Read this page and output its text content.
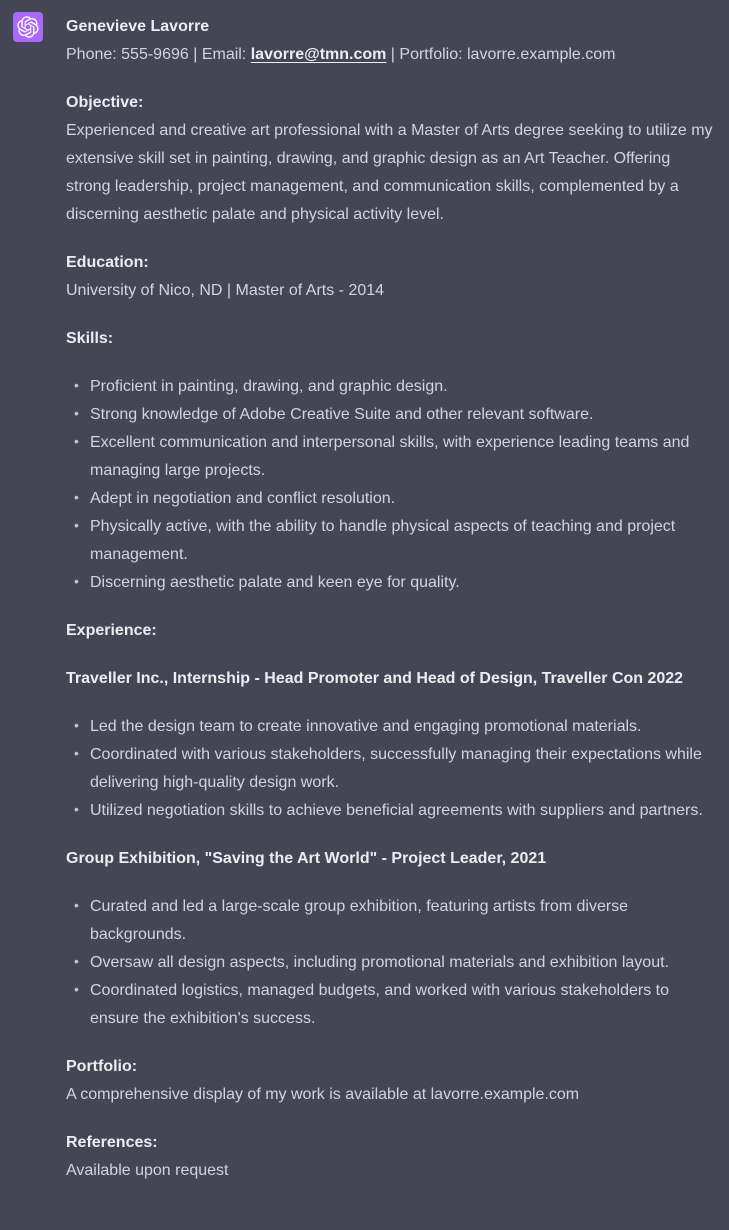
Genevieve Lavorre
Phone: 555-9696 | Email: lavorre@tmn.com | Portfolio: lavorre.example.com

Objective:
Experienced and creative art professional with a Master of Arts degree seeking to utilize my extensive skill set in painting, drawing, and graphic design as an Art Teacher. Offering strong leadership, project management, and communication skills, complemented by a discerning aesthetic palate and physical activity level.

Education:
University of Nico, ND | Master of Arts - 2014

Skills:

• Proficient in painting, drawing, and graphic design.
• Strong knowledge of Adobe Creative Suite and other relevant software.
• Excellent communication and interpersonal skills, with experience leading teams and managing large projects.
• Adept in negotiation and conflict resolution.
• Physically active, with the ability to handle physical aspects of teaching and project management.
• Discerning aesthetic palate and keen eye for quality.

Experience:

Traveller Inc., Internship - Head Promoter and Head of Design, Traveller Con 2022

• Led the design team to create innovative and engaging promotional materials.
• Coordinated with various stakeholders, successfully managing their expectations while delivering high-quality design work.
• Utilized negotiation skills to achieve beneficial agreements with suppliers and partners.

Group Exhibition, "Saving the Art World" - Project Leader, 2021

• Curated and led a large-scale group exhibition, featuring artists from diverse backgrounds.
• Oversaw all design aspects, including promotional materials and exhibition layout.
• Coordinated logistics, managed budgets, and worked with various stakeholders to ensure the exhibition's success.

Portfolio:
A comprehensive display of my work is available at lavorre.example.com

References:
Available upon request
